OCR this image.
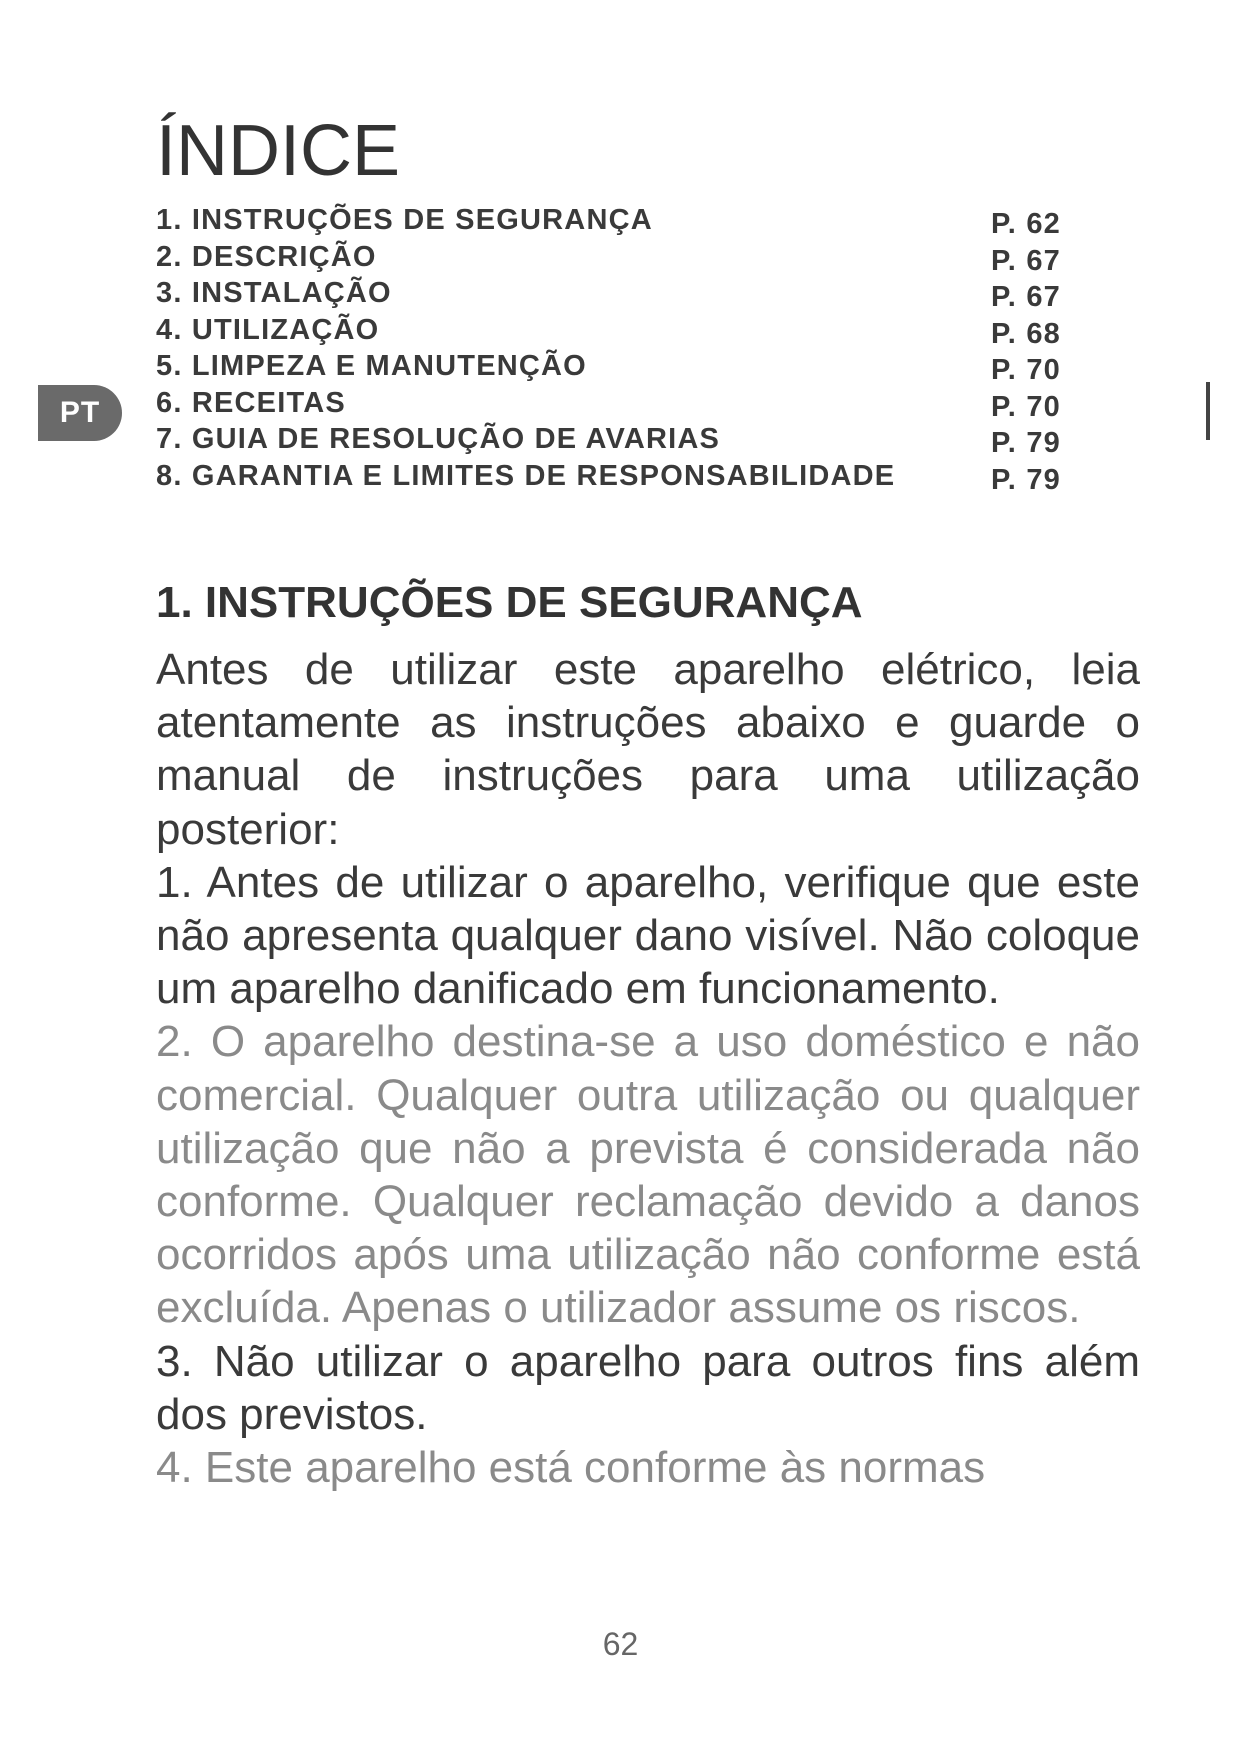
PT
ÍNDICE
1. INSTRUÇÕES DE SEGURANÇA	P. 62
2. DESCRIÇÃO	P. 67
3. INSTALAÇÃO	P. 67
4. UTILIZAÇÃO	P. 68
5. LIMPEZA E MANUTENÇÃO	P. 70
6. RECEITAS	P. 70
7. GUIA DE RESOLUÇÃO DE AVARIAS	P. 79
8. GARANTIA E LIMITES DE RESPONSABILIDADE	P. 79
1. INSTRUÇÕES DE SEGURANÇA
Antes de utilizar este aparelho elétrico, leia atentamente as instruções abaixo e guarde o manual de instruções para uma utilização posterior:
1. Antes de utilizar o aparelho, verifique que este não apresenta qualquer dano visível. Não coloque um aparelho danificado em funcionamento.
2. O aparelho destina-se a uso doméstico e não comercial. Qualquer outra utilização ou qualquer utilização que não a prevista é considerada não conforme. Qualquer reclamação devido a danos ocorridos após uma utilização não conforme está excluída. Apenas o utilizador assume os riscos.
3. Não utilizar o aparelho para outros fins além dos previstos.
4. Este aparelho está conforme às normas
62
